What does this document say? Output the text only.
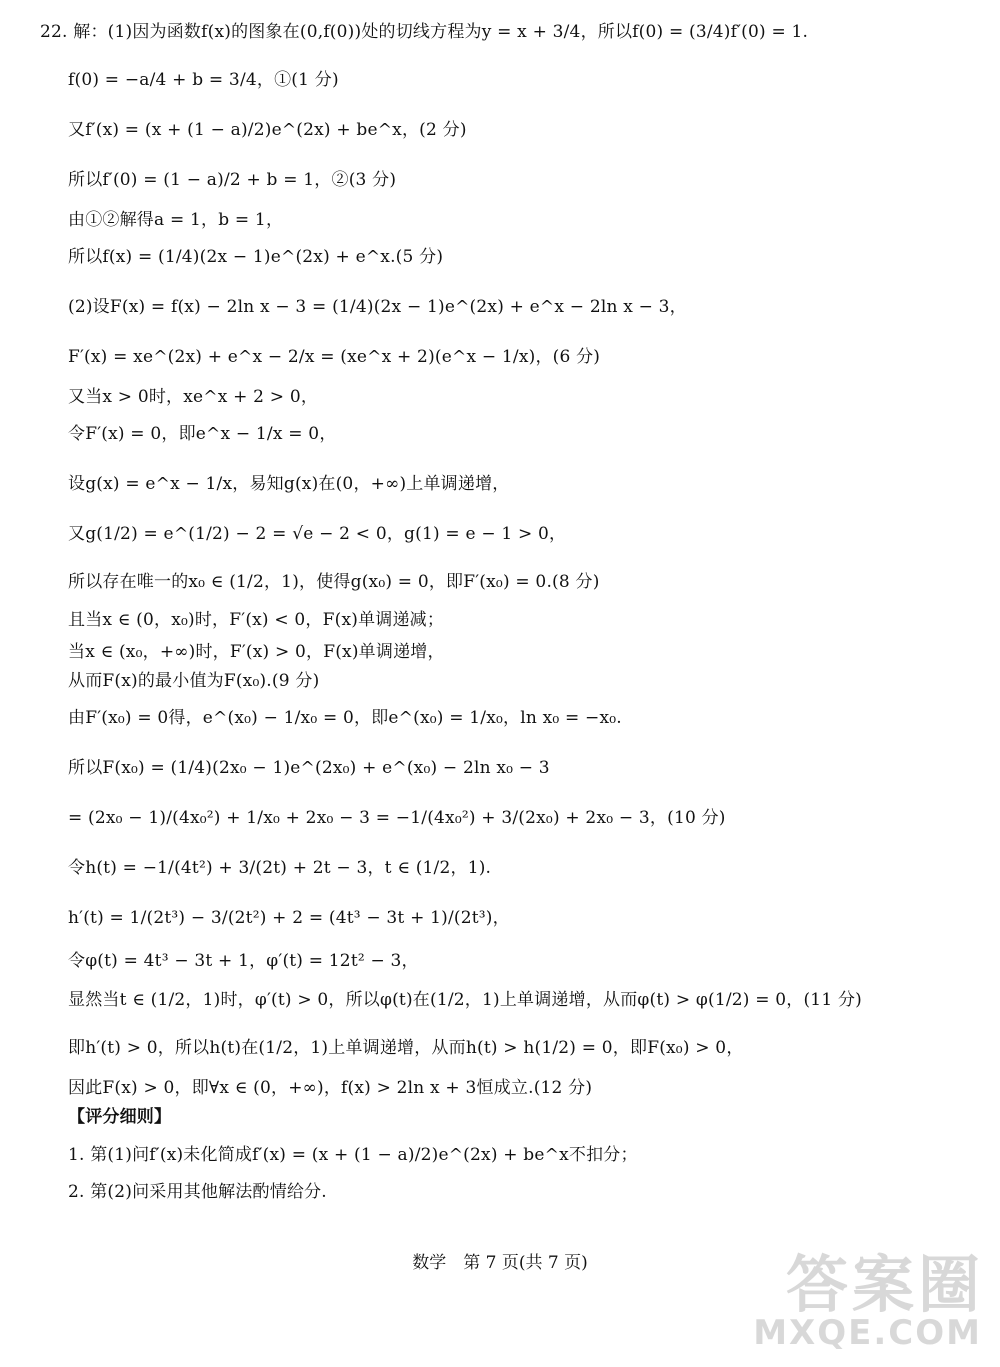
22. 解：(1)因为函数f(x)的图象在(0,f(0))处的切线方程为y = x + 3/4，所以f(0) = (3/4)f′(0) = 1.
f(0) = −a/4 + b = 3/4，①(1 分)
又f′(x) = (x + (1 − a)/2)e^(2x) + be^x，(2 分)
所以f′(0) = (1 − a)/2 + b = 1，②(3 分)
由①②解得a = 1，b = 1，
所以f(x) = (1/4)(2x − 1)e^(2x) + e^x.(5 分)
(2)设F(x) = f(x) − 2ln x − 3 = (1/4)(2x − 1)e^(2x) + e^x − 2ln x − 3，
F′(x) = xe^(2x) + e^x − 2/x = (xe^x + 2)(e^x − 1/x)，(6 分)
又当x > 0时，xe^x + 2 > 0，
令F′(x) = 0，即e^x − 1/x = 0，
设g(x) = e^x − 1/x，易知g(x)在(0，+∞)上单调递增，
又g(1/2) = e^(1/2) − 2 = √e − 2 < 0，g(1) = e − 1 > 0，
所以存在唯一的x₀ ∈ (1/2，1)，使得g(x₀) = 0，即F′(x₀) = 0.(8 分)
且当x ∈ (0，x₀)时，F′(x) < 0，F(x)单调递减；
当x ∈ (x₀，+∞)时，F′(x) > 0，F(x)单调递增，
从而F(x)的最小值为F(x₀).(9 分)
由F′(x₀) = 0得，e^(x₀) − 1/x₀ = 0，即e^(x₀) = 1/x₀，ln x₀ = −x₀.
所以F(x₀) = (1/4)(2x₀ − 1)e^(2x₀) + e^(x₀) − 2ln x₀ − 3
= (2x₀ − 1)/(4x₀²) + 1/x₀ + 2x₀ − 3 = −1/(4x₀²) + 3/(2x₀) + 2x₀ − 3，(10 分)
令h(t) = −1/(4t²) + 3/(2t) + 2t − 3，t ∈ (1/2，1).
h′(t) = 1/(2t³) − 3/(2t²) + 2 = (4t³ − 3t + 1)/(2t³)，
令φ(t) = 4t³ − 3t + 1，φ′(t) = 12t² − 3，
显然当t ∈ (1/2，1)时，φ′(t) > 0，所以φ(t)在(1/2，1)上单调递增，从而φ(t) > φ(1/2) = 0，(11 分)
即h′(t) > 0，所以h(t)在(1/2，1)上单调递增，从而h(t) > h(1/2) = 0，即F(x₀) > 0，
因此F(x) > 0，即∀x ∈ (0，+∞)，f(x) > 2ln x + 3恒成立.(12 分)
【评分细则】
1. 第(1)问f′(x)未化简成f′(x) = (x + (1 − a)/2)e^(2x) + be^x不扣分；
2. 第(2)问采用其他解法酌情给分.
数学　第 7 页(共 7 页)	答案圈
MXQE.COM
